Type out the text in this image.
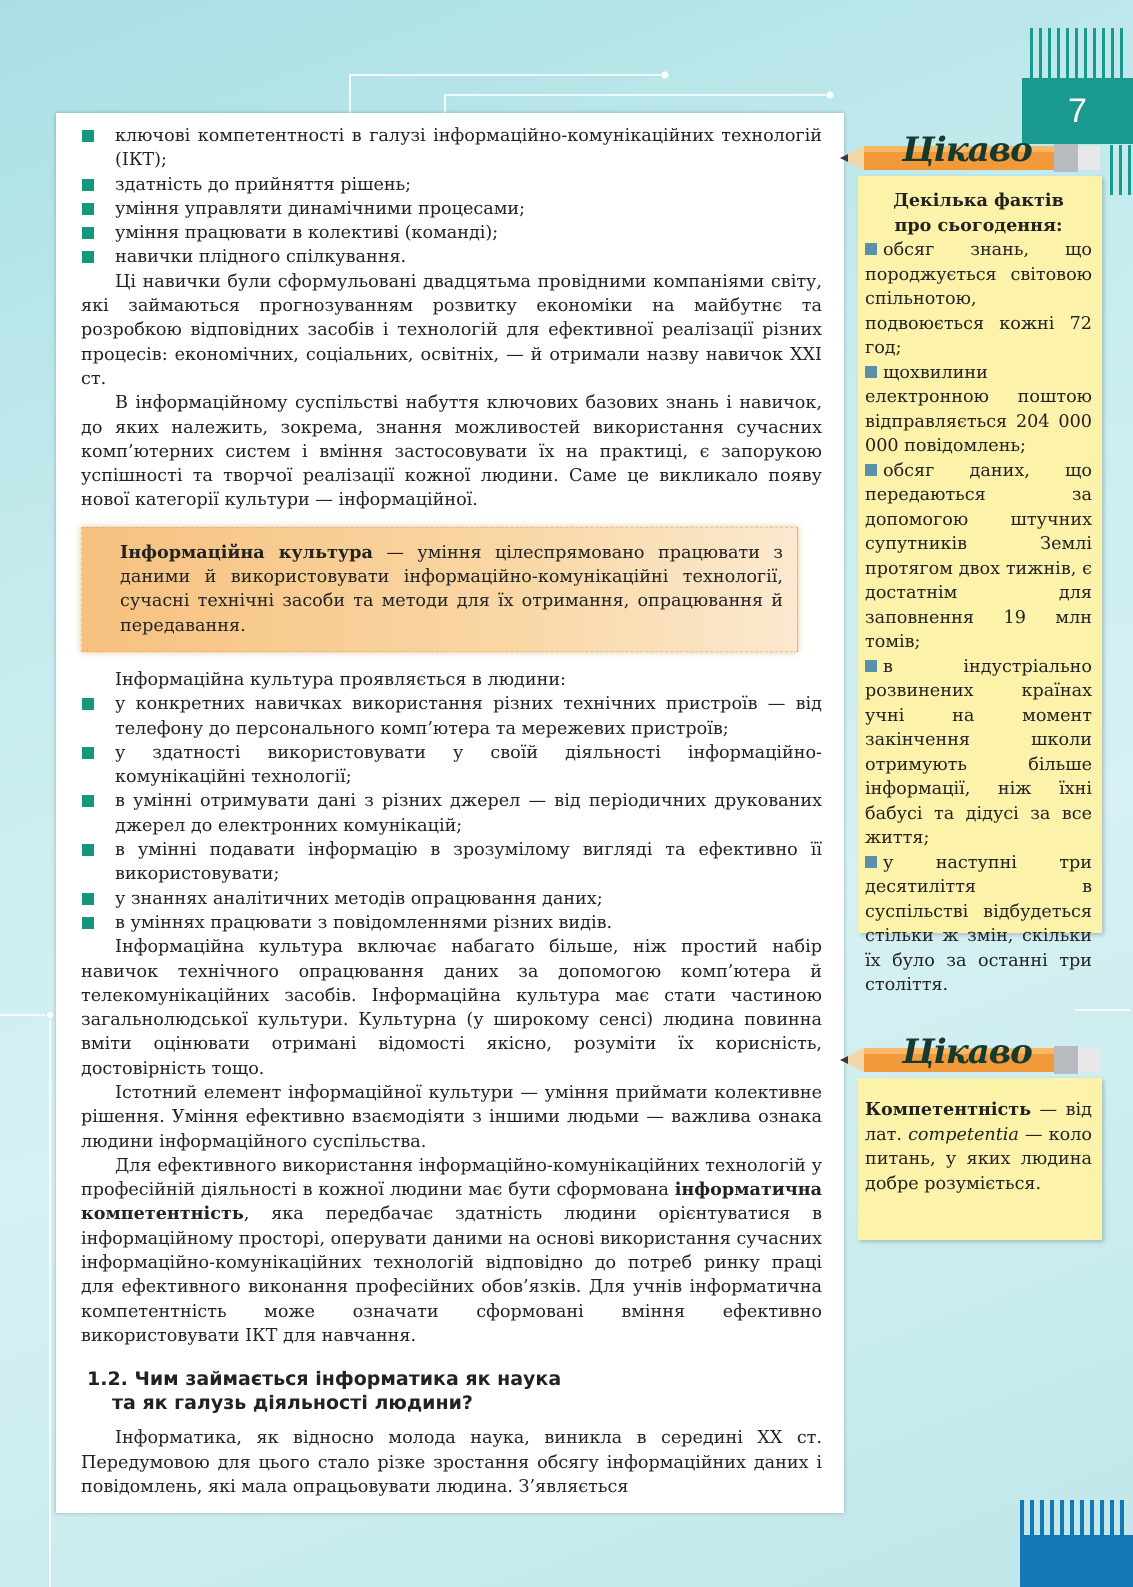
7
ключові компетентності в галузі інформаційно-комунікаційних технологій (ІКТ);
здатність до прийняття рішень;
уміння управляти динамічними процесами;
уміння працювати в колективі (команді);
навички плідного спілкування.

Ці навички були сформульовані двадцятьма провідними компаніями світу, які займаються прогнозуванням розвитку економіки на майбутнє та розробкою відповідних засобів і технологій для ефективної реалізації різних процесів: економічних, соціальних, освітніх, — й отримали назву навичок XXI ст.

В інформаційному суспільстві набуття ключових базових знань і навичок, до яких належить, зокрема, знання можливостей використання сучасних комп’ютерних систем і вміння застосовувати їх на практиці, є запорукою успішності та творчої реалізації кожної людини. Саме це викликало появу нової категорії культури — інформаційної.

Інформаційна культура — уміння цілеспрямовано працювати з даними й використовувати інформаційно-комунікаційні технології, сучасні технічні засоби та методи для їх отримання, опрацювання й передавання.

Інформаційна культура проявляється в людини:

у конкретних навичках використання різних технічних пристроїв — від телефону до персонального комп’ютера та мережевих пристроїв;
у здатності використовувати у своїй діяльності інформаційно-комунікаційні технології;
в умінні отримувати дані з різних джерел — від періодичних друкованих джерел до електронних комунікацій;
в умінні подавати інформацію в зрозумілому вигляді та ефективно її використовувати;
у знаннях аналітичних методів опрацювання даних;
в уміннях працювати з повідомленнями різних видів.

Інформаційна культура включає набагато більше, ніж простий набір навичок технічного опрацювання даних за допомогою комп’ютера й телекомунікаційних засобів. Інформаційна культура має стати частиною загальнолюдської культури. Культурна (у широкому сенсі) людина повинна вміти оцінювати отримані відомості якісно, розуміти їх корисність, достовірність тощо.

Істотний елемент інформаційної культури — уміння приймати колективне рішення. Уміння ефективно взаємодіяти з іншими людьми — важлива ознака людини інформаційного суспільства.

Для ефективного використання інформаційно-комунікаційних технологій у професійній діяльності в кожної людини має бути сформована інформатична компетентність, яка передбачає здатність людини орієнтуватися в інформаційному просторі, оперувати даними на основі використання сучасних інформаційно-комунікаційних технологій відповідно до потреб ринку праці для ефективного виконання професійних обов’язків. Для учнів інформатична компетентність може означати сформовані вміння ефективно використовувати ІКТ для навчання.

1.2. Чим займається інформатика як наука
та як галузь діяльності людини?

Інформатика, як відносно молода наука, виникла в середині XX ст. Передумовою для цього стало різке зростання обсягу інформаційних даних і повідомлень, які мала опрацьовувати людина. З’являється

Цікаво
Декілька фактів
про сьогодення:
обсяг знань, що породжується світовою спільнотою, подвоюється кожні 72 год;
щохвилини електронною поштою відправляється 204 000 000 повідомлень;
обсяг даних, що передаються за допомогою штучних супутників Землі протягом двох тижнів, є достатнім для заповнення 19 млн томів;
в індустріально розвинених країнах учні на момент закінчення школи отримують більше інформації, ніж їхні бабусі та дідусі за все життя;
у наступні три десятиліття в суспільстві відбудеться стільки ж змін, скільки їх було за останні три століття.
Цікаво
Компетентність — від лат. competentia — коло питань, у яких людина добре розуміється.
